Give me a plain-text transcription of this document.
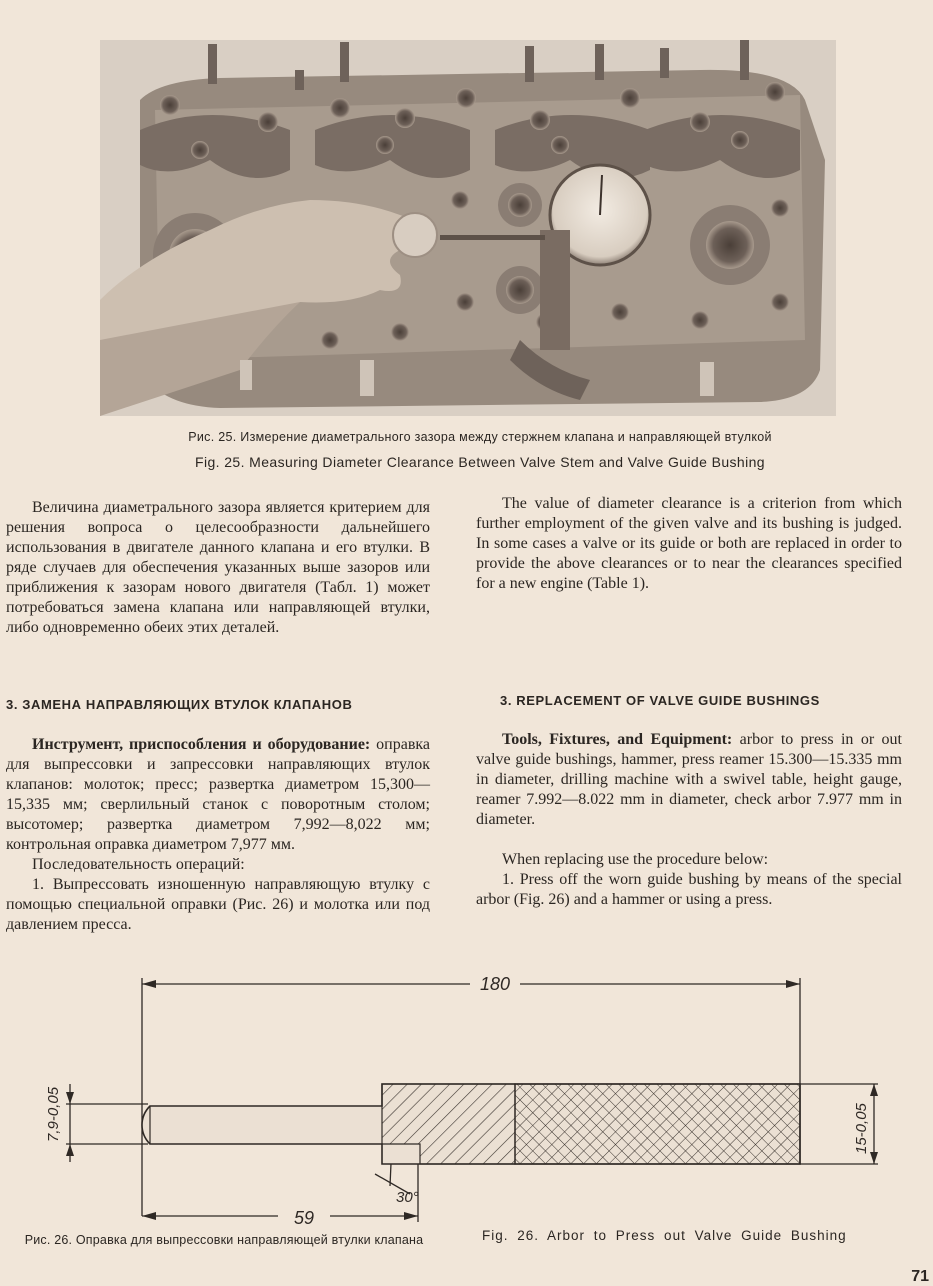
Рис. 25. Измерение диаметрального зазора между стержнем клапана и направляющей втулкой
Fig. 25. Measuring Diameter Clearance Between Valve Stem and Valve Guide Bushing

Величина диаметрального зазора является критерием для решения вопроса о целесообразности дальнейшего использования в двигателе данного клапана и его втулки. В ряде случаев для обеспечения указанных выше зазоров или приближения к зазорам нового двигателя (Табл. 1) может потребоваться замена клапана или направляющей втулки, либо одновременно обеих этих деталей.

3. ЗАМЕНА НАПРАВЛЯЮЩИХ ВТУЛОК КЛАПАНОВ

Инструмент, приспособления и оборудование: оправка для выпрессовки и запрессовки направляющих втулок клапанов: молоток; пресс; развертка диаметром 15,300—15,335 мм; сверлильный станок с поворотным столом; высотомер; развертка диаметром 7,992—8,022 мм; контрольная оправка диаметром 7,977 мм.

Последовательность операций:

1. Выпрессовать изношенную направляющую втулку с помощью специальной оправки (Рис. 26) и молотка или под давлением пресса.

The value of diameter clearance is a criterion from which further employment of the given valve and its bushing is judged. In some cases a valve or its guide or both are replaced in order to provide the above clearances or to near the clearances specified for a new engine (Table 1).

3. REPLACEMENT OF VALVE GUIDE BUSHINGS

Tools, Fixtures, and Equipment: arbor to press in or out valve guide bushings, hammer, press reamer 15.300—15.335 mm in diameter, drilling machine with a swivel table, height gauge, reamer 7.992—8.022 mm in diameter, check arbor 7.977 mm in diameter.

When replacing use the procedure below:

1. Press off the worn guide bushing by means of the special arbor (Fig. 26) and a hammer or using a press.

180
59
7,9-0,05	15-0,05
30°
Рис. 26. Оправка для выпрессовки направляющей втулки клапана	Fig. 26. Arbor to Press out Valve Guide Bushing
71
